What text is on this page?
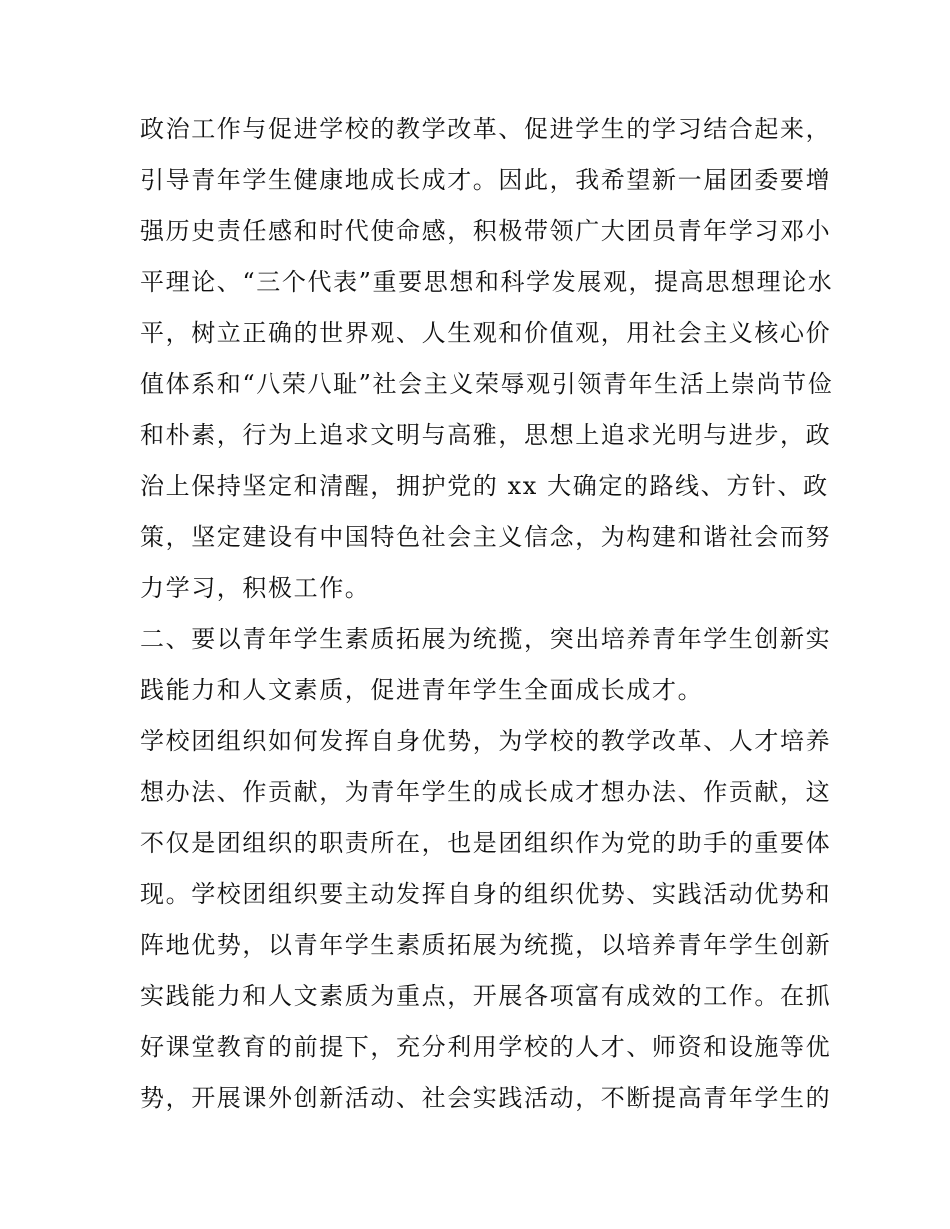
政治工作与促进学校的教学改革、促进学生的学习结合起来，
引导青年学生健康地成长成才。因此，我希望新一届团委要增
强历史责任感和时代使命感，积极带领广大团员青年学习邓小
平理论、“三个代表”重要思想和科学发展观，提高思想理论水
平，树立正确的世界观、人生观和价值观，用社会主义核心价
值体系和“八荣八耻”社会主义荣辱观引领青年生活上崇尚节俭
和朴素，行为上追求文明与高雅，思想上追求光明与进步，政
治上保持坚定和清醒，拥护党的 xx 大确定的路线、方针、政
策，坚定建设有中国特色社会主义信念，为构建和谐社会而努
力学习，积极工作。
二、要以青年学生素质拓展为统揽，突出培养青年学生创新实
践能力和人文素质，促进青年学生全面成长成才。
学校团组织如何发挥自身优势，为学校的教学改革、人才培养
想办法、作贡献，为青年学生的成长成才想办法、作贡献，这
不仅是团组织的职责所在，也是团组织作为党的助手的重要体
现。学校团组织要主动发挥自身的组织优势、实践活动优势和
阵地优势，以青年学生素质拓展为统揽，以培养青年学生创新
实践能力和人文素质为重点，开展各项富有成效的工作。在抓
好课堂教育的前提下，充分利用学校的人才、师资和设施等优
势，开展课外创新活动、社会实践活动，不断提高青年学生的
